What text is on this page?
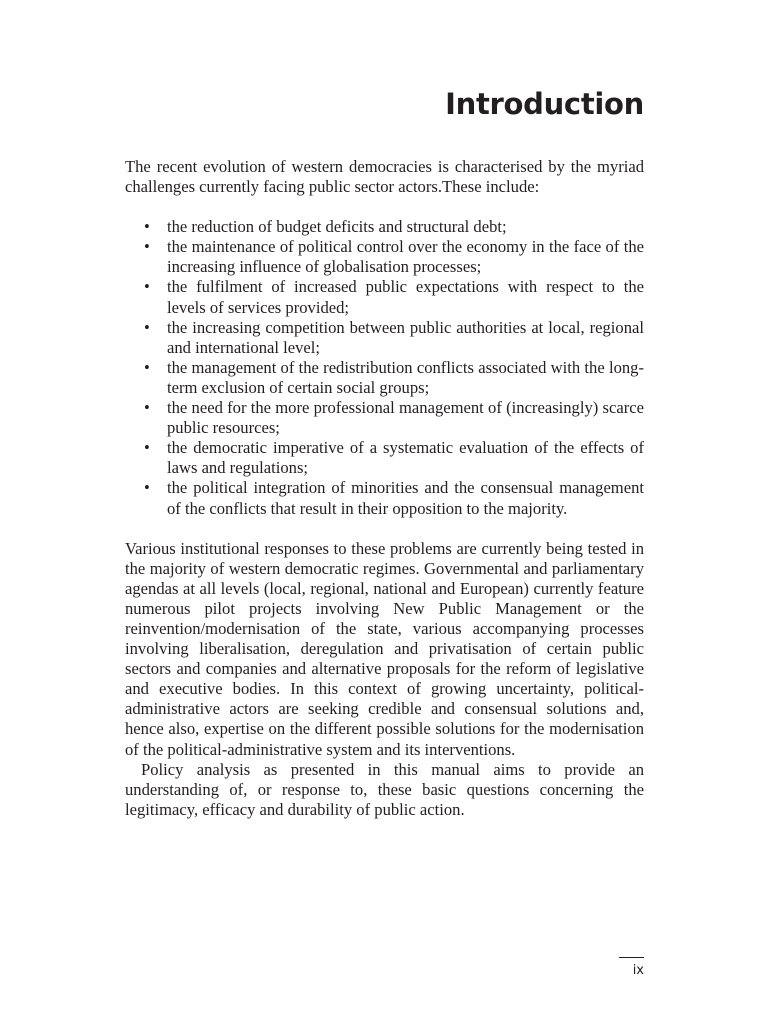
Introduction

The recent evolution of western democracies is characterised by the myriad challenges currently facing public sector actors.These include:

• the reduction of budget deficits and structural debt;
• the maintenance of political control over the economy in the face of the increasing influence of globalisation processes;
• the fulfilment of increased public expectations with respect to the levels of services provided;
• the increasing competition between public authorities at local, regional and international level;
• the management of the redistribution conflicts associated with the long-term exclusion of certain social groups;
• the need for the more professional management of (increasingly) scarce public resources;
• the democratic imperative of a systematic evaluation of the effects of laws and regulations;
• the political integration of minorities and the consensual management of the conflicts that result in their opposition to the majority.

Various institutional responses to these problems are currently being tested in the majority of western democratic regimes. Governmental and parliamentary agendas at all levels (local, regional, national and European) currently feature numerous pilot projects involving New Public Management or the reinvention/modernisation of the state, various accompanying processes involving liberalisation, deregulation and privatisation of certain public sectors and companies and alternative proposals for the reform of legislative and executive bodies. In this context of growing uncertainty, political-administrative actors are seeking credible and consensual solutions and, hence also, expertise on the different possible solutions for the modernisation of the political-administrative system and its interventions.

Policy analysis as presented in this manual aims to provide an understanding of, or response to, these basic questions concerning the legitimacy, efficacy and durability of public action.

ix
